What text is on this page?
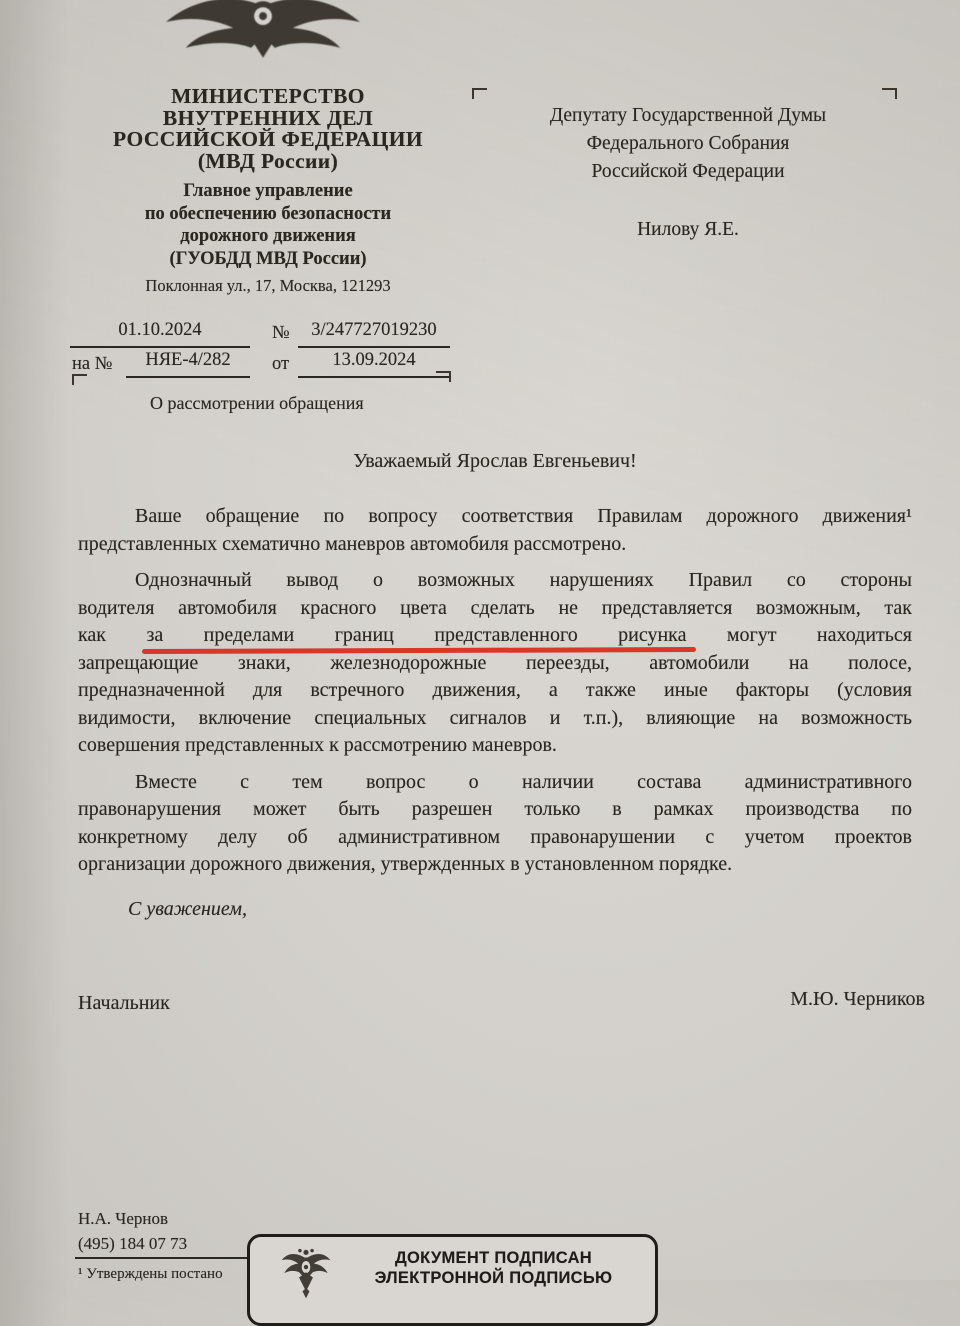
МИНИСТЕРСТВО
ВНУТРЕННИХ ДЕЛ
РОССИЙСКОЙ ФЕДЕРАЦИИ
(МВД России)
Главное управление
по обеспечению безопасности
дорожного движения
(ГУОБДД МВД России)
Поклонная ул., 17, Москва, 121293
Депутату Государственной Думы
Федерального Собрания
Российской Федерации
Нилову Я.Е.
01.10.2024	№	3/247727019230
на №	НЯЕ-4/282	от	13.09.2024
О рассмотрении обращения
Уважаемый Ярослав Евгеньевич!
Ваше обращение по вопросу соответствия Правилам дорожного движения¹
представленных схематично маневров автомобиля рассмотрено.
Однозначный вывод о возможных нарушениях Правил со стороны
водителя автомобиля красного цвета сделать не представляется возможным, так
как за пределами границ представленного рисунка могут находиться
запрещающие знаки, железнодорожные переезды, автомобили на полосе,
предназначенной для встречного движения, а также иные факторы (условия
видимости, включение специальных сигналов и т.п.), влияющие на возможность
совершения представленных к рассмотрению маневров.
Вместе с тем вопрос о наличии состава административного
правонарушения может быть разрешен только в рамках производства по
конкретному делу об административном правонарушении с учетом проектов
организации дорожного движения, утвержденных в установленном порядке.
С уважением,
Начальник	М.Ю. Черников
Н.А. Чернов
(495) 184 07 73
¹ Утверждены постано
ДОКУМЕНТ ПОДПИСАН
ЭЛЕКТРОННОЙ ПОДПИСЬЮ
